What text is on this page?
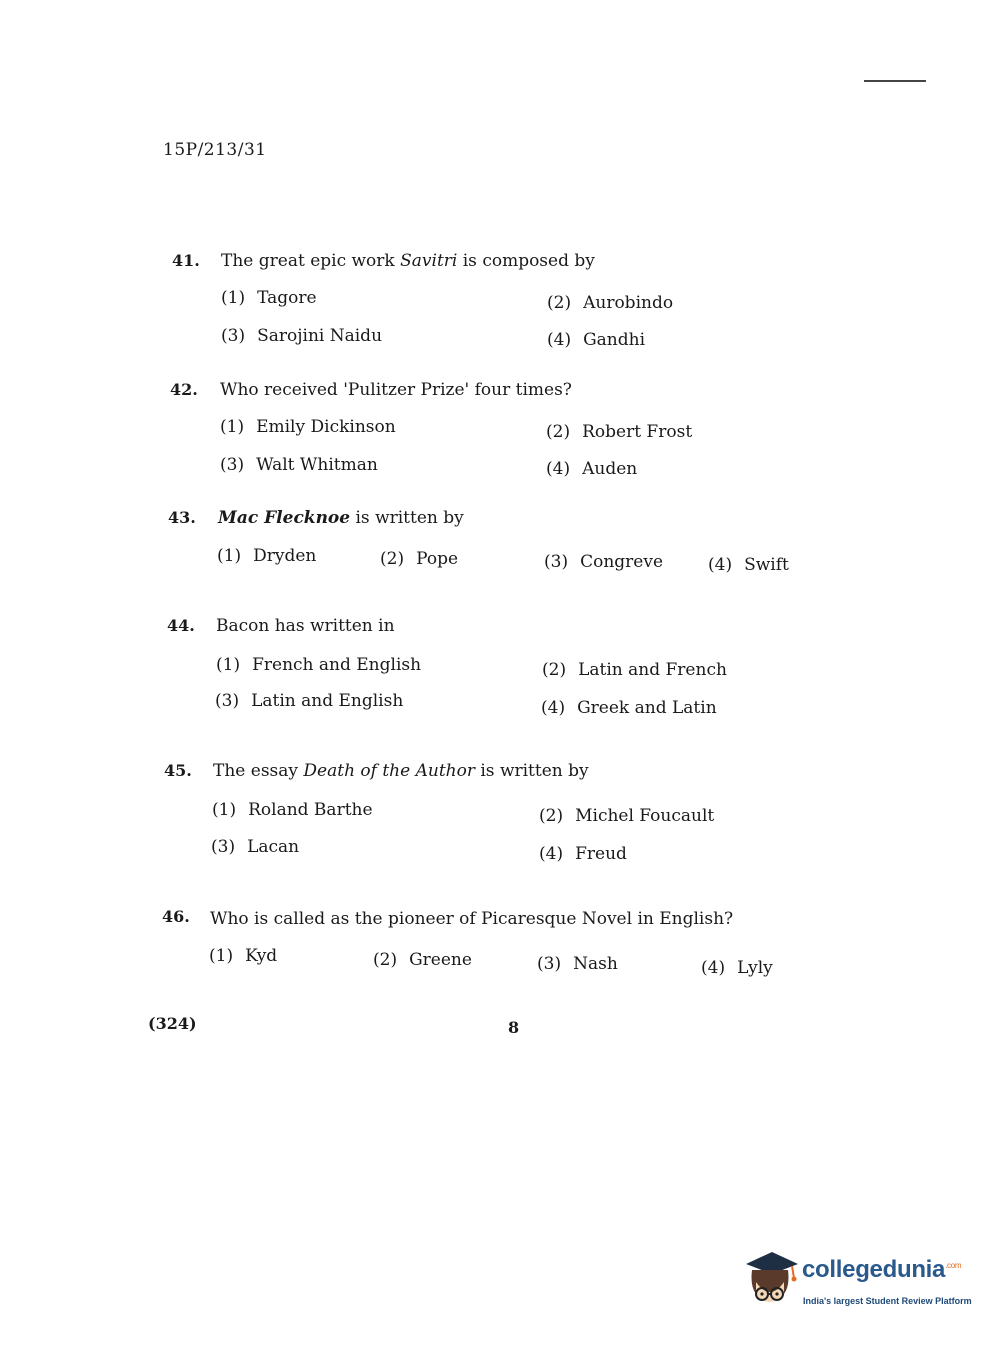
15P/213/31
41. The great epic work Savitri is composed by
(1) Tagore	(2) Aurobindo
(3) Sarojini Naidu	(4) Gandhi
42. Who received 'Pulitzer Prize' four times?
(1) Emily Dickinson	(2) Robert Frost
(3) Walt Whitman	(4) Auden
43. Mac Flecknoe is written by
(1) Dryden	(2) Pope	(3) Congreve	(4) Swift
44. Bacon has written in
(1) French and English	(2) Latin and French
(3) Latin and English	(4) Greek and Latin
45. The essay Death of the Author is written by
(1) Roland Barthe	(2) Michel Foucault
(3) Lacan	(4) Freud
46. Who is called as the pioneer of Picaresque Novel in English?
(1) Kyd	(2) Greene	(3) Nash	(4) Lyly
(324)	8
collegedunia$^{.com}$
India's largest Student Review Platform
